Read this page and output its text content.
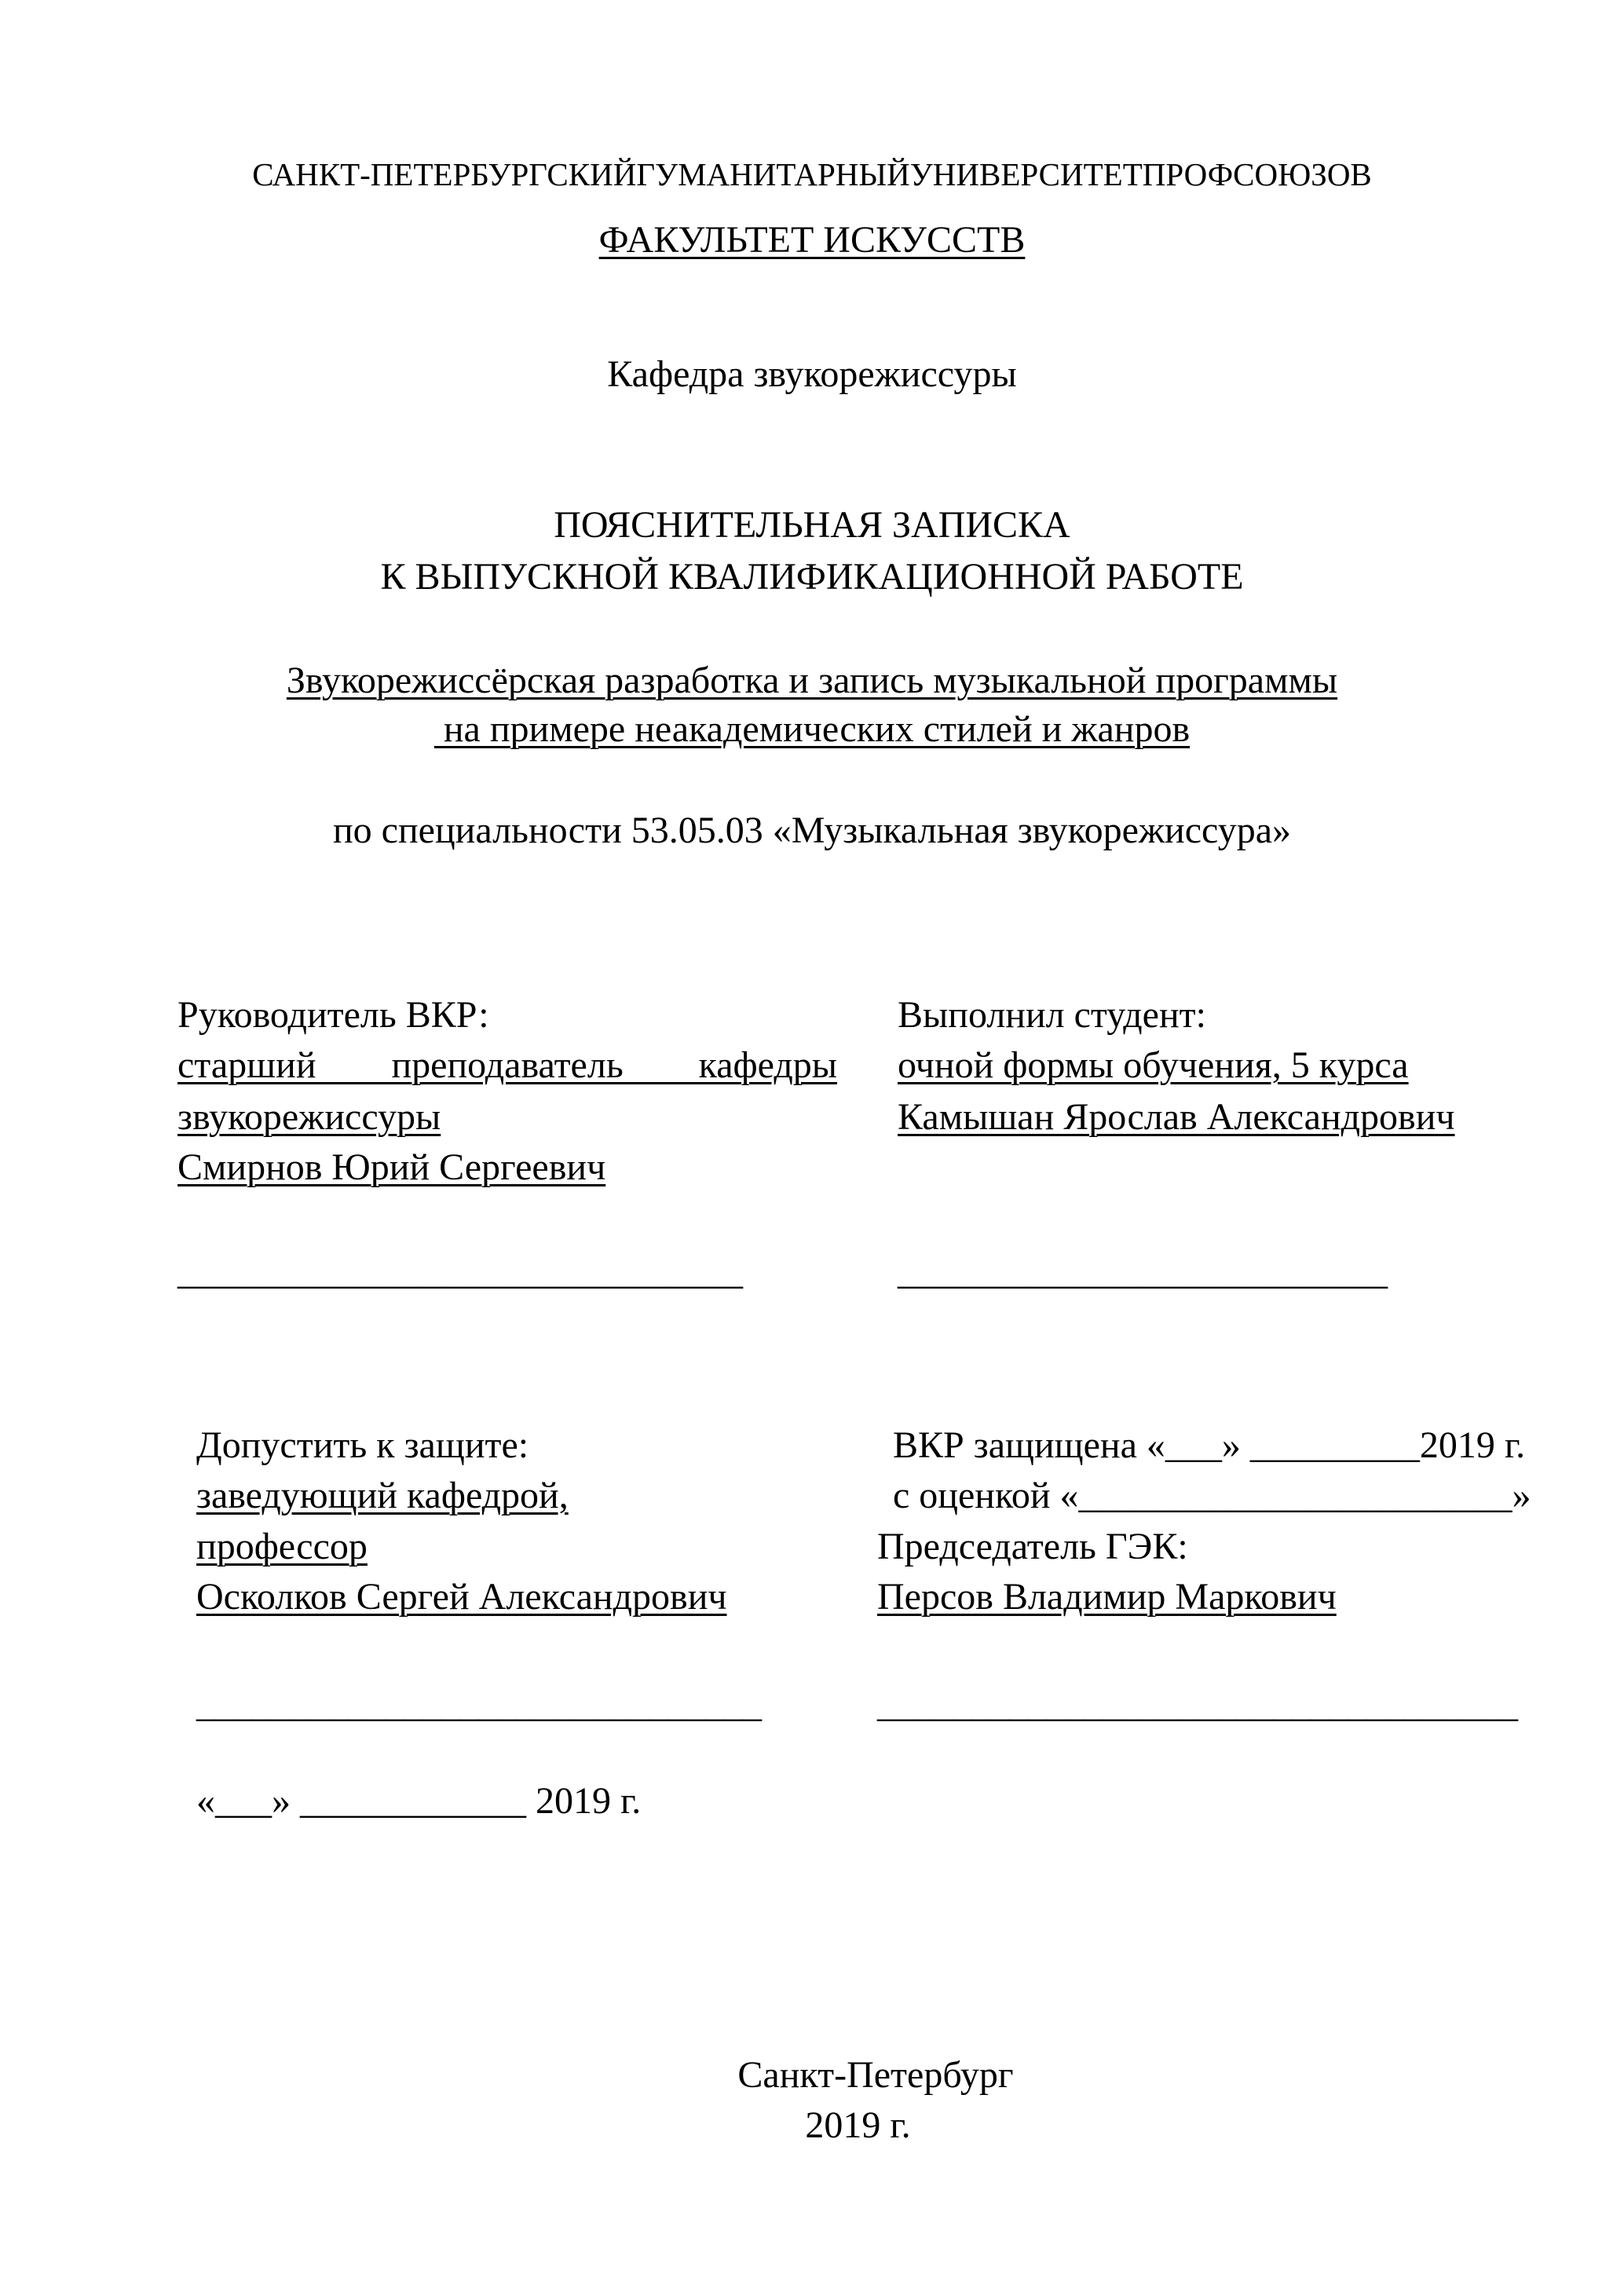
САНКТ-ПЕТЕРБУРГСКИЙГУМАНИТАРНЫЙУНИВЕРСИТЕТПРОФСОЮЗОВ
ФАКУЛЬТЕТ ИСКУССТВ
Кафедра звукорежиссуры
ПОЯСНИТЕЛЬНАЯ ЗАПИСКА
К ВЫПУСКНОЙ КВАЛИФИКАЦИОННОЙ РАБОТЕ
Звукорежиссёрская разработка и запись музыкальной программы
на примере неакадемических стилей и жанров
по специальности 53.05.03 «Музыкальная звукорежиссура»
Руководитель ВКР:
старший преподаватель кафедры
звукорежиссуры
Смирнов Юрий Сергеевич
______________________________
Выполнил студент:
очной формы обучения, 5 курса
Камышан Ярослав Александрович
__________________________
Допустить к защите:
заведующий кафедрой,
профессор
Осколков Сергей Александрович
______________________________
«___» ____________ 2019 г.
ВКР защищена «___» _________2019 г.
с оценкой «_______________________»
Председатель ГЭК:
Персов Владимир Маркович
__________________________________
Санкт-Петербург
2019 г.
